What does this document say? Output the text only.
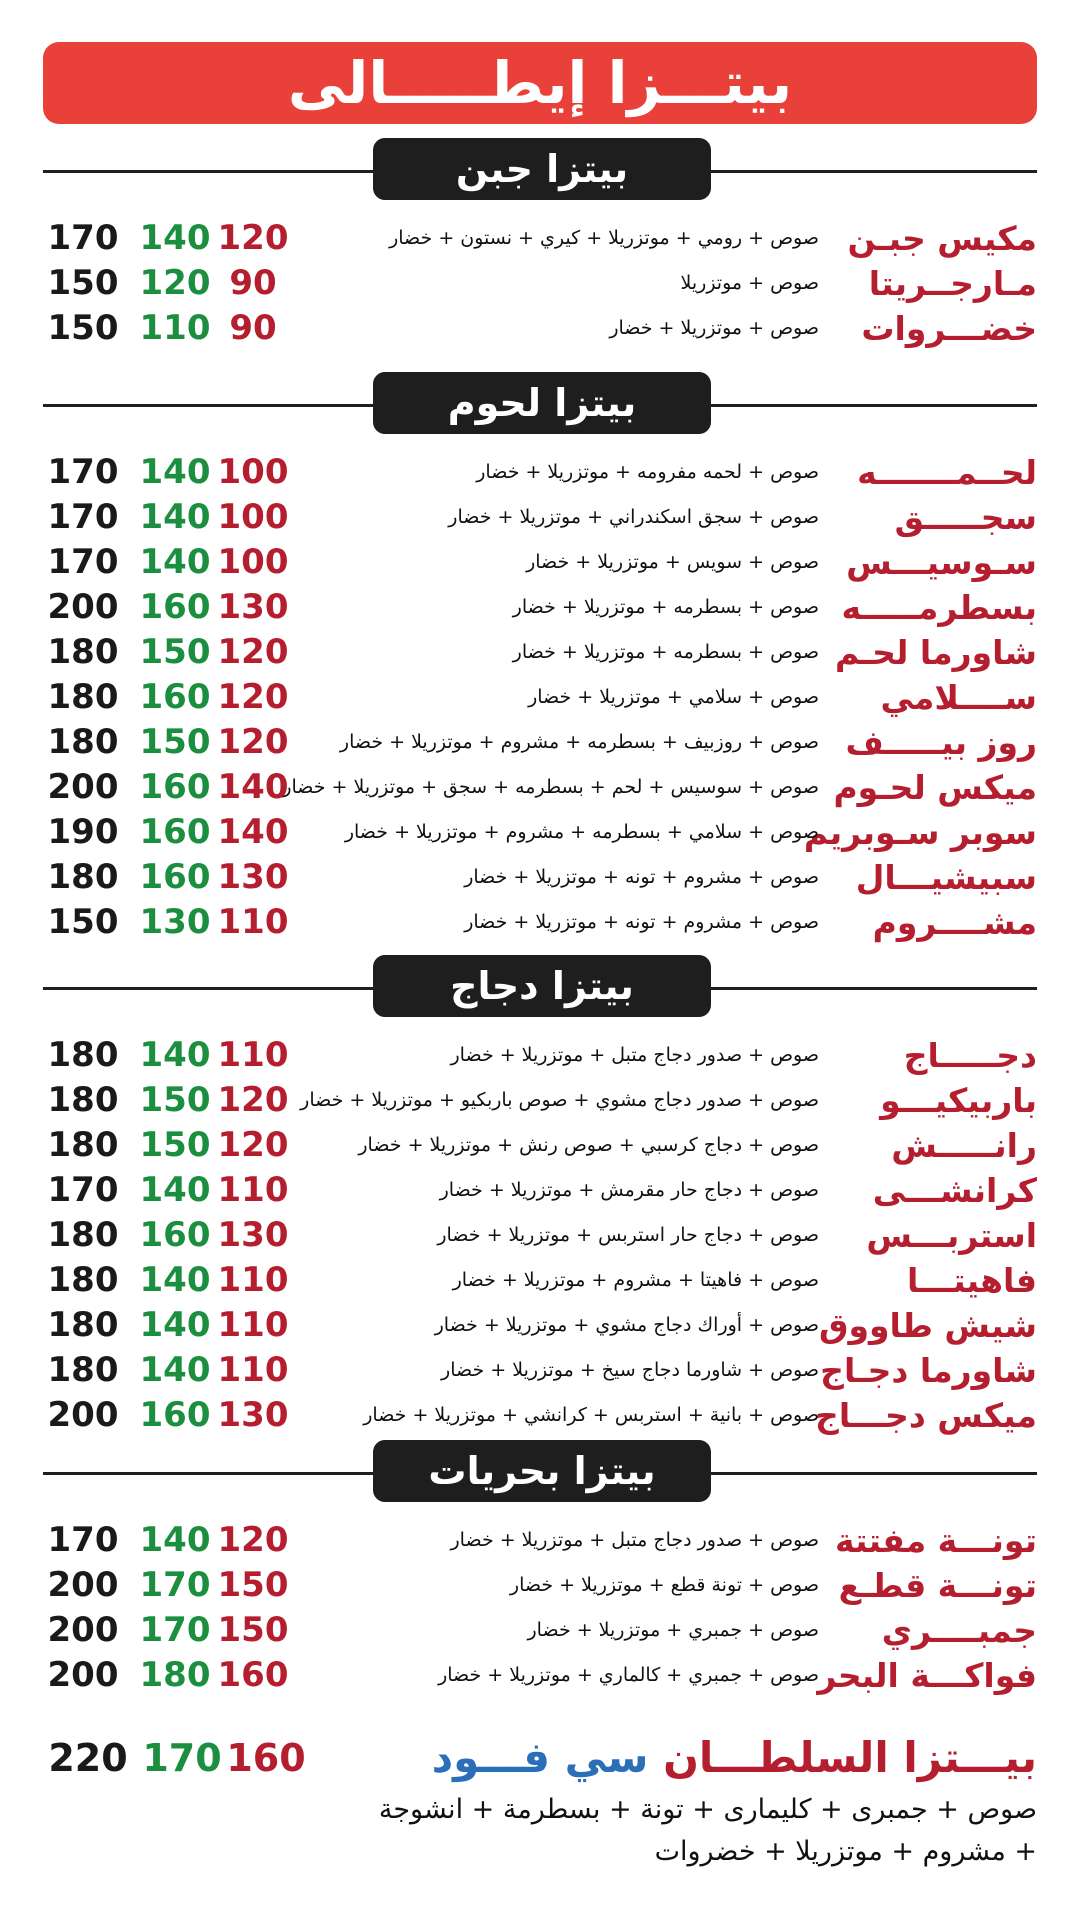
بيتـــزا إيطـــــالى
بيتزا جبن
مكيس جبـن
صوص + رومي + موتزريلا + كيري + نستون + خضار
170 140 120
مـارجــريتا
صوص + موتزريلا
150 120 90
خضـــروات
صوص + موتزريلا + خضار
150 110 90
بيتزا لحوم
لحــمـــــــه
صوص + لحمه مفرومه + موتزريلا + خضار
170 140 100
سجـــــق
صوص + سجق اسكندراني + موتزريلا + خضار
170 140 100
سـوسيـــس
صوص + سويس + موتزريلا + خضار
170 140 100
بسطرمـــــه
صوص + بسطرمه + موتزريلا + خضار
200 160 130
شاورما لحـم
صوص + بسطرمه + موتزريلا + خضار
180 150 120
ســــلامي
صوص + سلامي + موتزريلا + خضار
180 160 120
روز بيـــــف
صوص + روزبيف + بسطرمه + مشروم + موتزريلا + خضار
180 150 120
ميكس لحـوم
صوص + سوسيس + لحم + بسطرمه + سجق + موتزريلا + خضار
200 160 140
سوبر سـوبريم
صوص + سلامي + بسطرمه + مشروم + موتزريلا + خضار
190 160 140
سبيشيـــال
صوص + مشروم + تونه + موتزريلا + خضار
180 160 130
مشــــروم
صوص + مشروم + تونه + موتزريلا + خضار
150 130 110
بيتزا دجاج
دجـــــاج
صوص + صدور دجاج متبل + موتزريلا + خضار
180 140 110
باربيكيـــو
صوص + صدور دجاج مشوي + صوص باربكيو + موتزريلا + خضار
180 150 120
رانـــــش
صوص + دجاج كرسبي + صوص رنش + موتزريلا + خضار
180 150 120
كرانشـــى
صوص + دجاج حار مقرمش + موتزريلا + خضار
170 140 110
استربـــس
صوص + دجاج حار استربس + موتزريلا + خضار
180 160 130
فاهيتـــا
صوص + فاهيتا + مشروم + موتزريلا + خضار
180 140 110
شيش طاووق
صوص + أوراك دجاج مشوي + موتزريلا + خضار
180 140 110
شاورما دجـاج
صوص + شاورما دجاج سيخ + موتزريلا + خضار
180 140 110
ميكس دجـــاج
صوص + بانية + استربس + كرانشي + موتزريلا + خضار
200 160 130
بيتزا بحريات
تونـــة مفتتة
صوص + صدور دجاج متبل + موتزريلا + خضار
170 140 120
تونـــة قطـع
صوص + تونة قطع + موتزريلا + خضار
200 170 150
جمبــــري
صوص + جمبري + موتزريلا + خضار
200 170 150
فواكـــة البحر
صوص + جمبري + كالماري + موتزريلا + خضار
200 180 160
بيـــتزا السلطـــان سي فـــود
صوص + جمبرى + كليمارى + تونة + بسطرمة + انشوجة
+ مشروم + موتزريلا + خضروات
220 170 160
